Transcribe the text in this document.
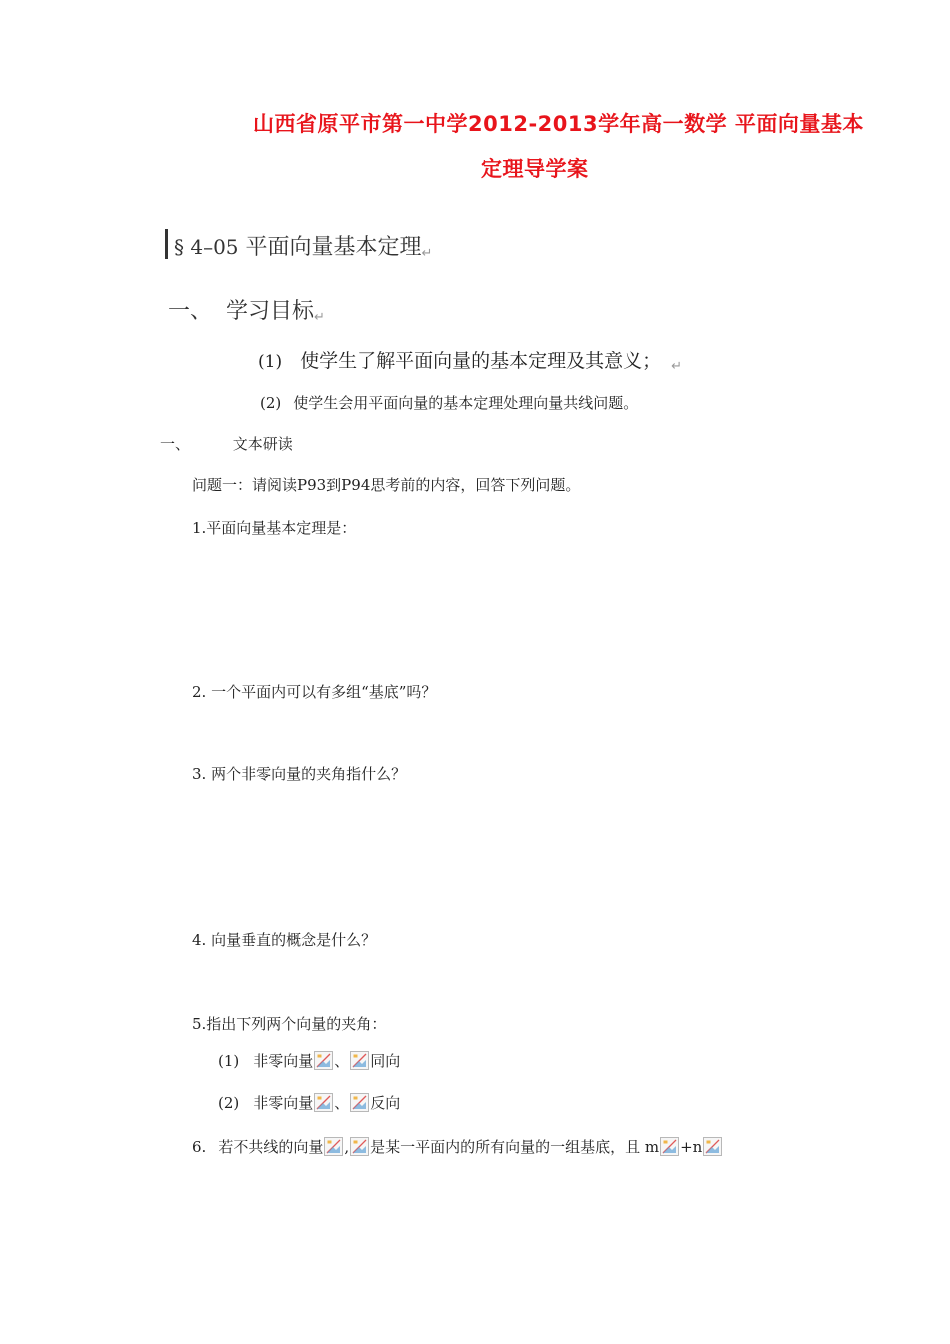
山西省原平市第一中学2012-2013学年高一数学 平面向量基本
定理导学案
§ 4–05 平面向量基本定理↵
一、  学习目标↵
(1) 使学生了解平面向量的基本定理及其意义； ↵
(2) 使学生会用平面向量的基本定理处理向量共线问题。
一、	文本研读
问题一：请阅读P93到P94思考前的内容，回答下列问题。
1.平面向量基本定理是：
2. 一个平面内可以有多组“基底”吗？
3. 两个非零向量的夹角指什么？
4. 向量垂直的概念是什么？
5.指出下列两个向量的夹角：
(1) 非零向量 、 同向
(2) 非零向量 、 反向
6. 若不共线的向量 , 是某一平面内的所有向量的一组基底，且 m +n
